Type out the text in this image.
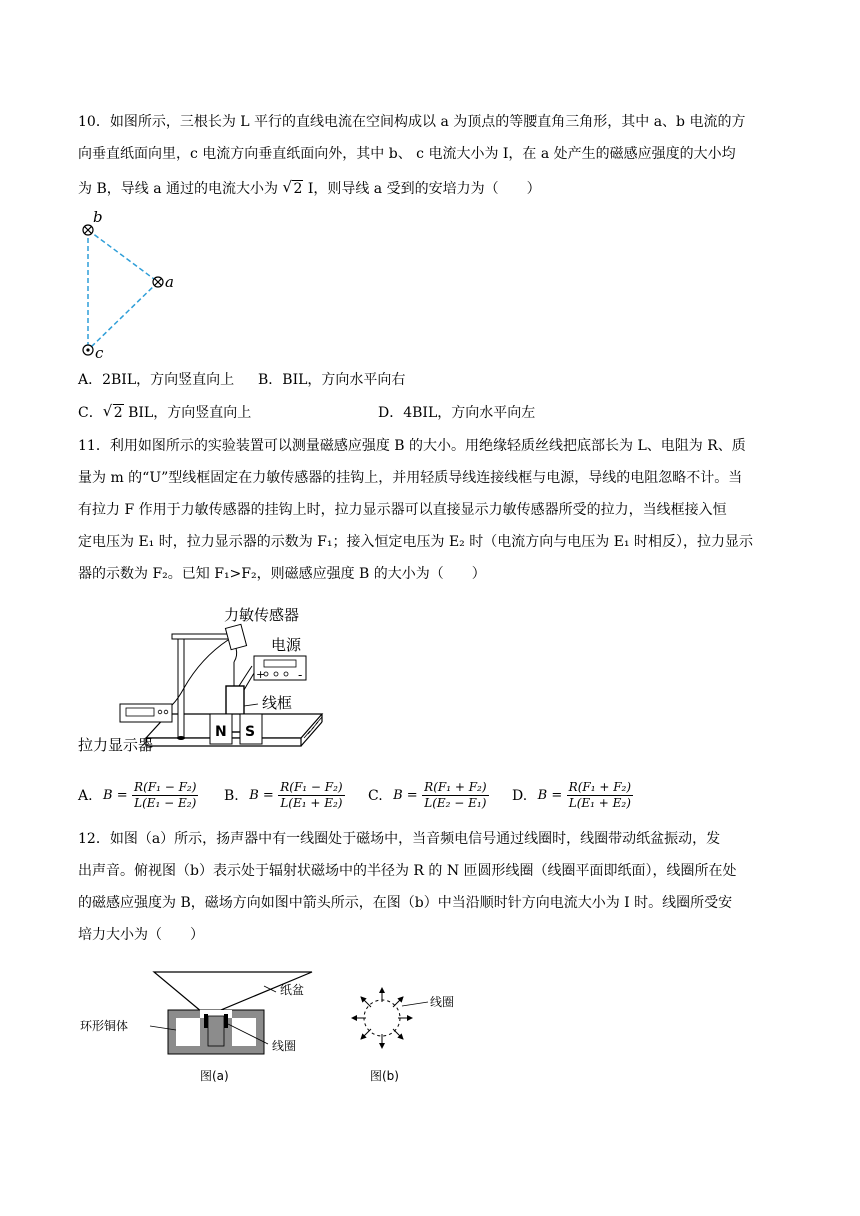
10．如图所示，三根长为 L 平行的直线电流在空间构成以 a 为顶点的等腰直角三角形，其中 a、b 电流的方
向垂直纸面向里，c 电流方向垂直纸面向外，其中 b、 c 电流大小为 I，在 a 处产生的磁感应强度的大小均
为 B，导线 a 通过的电流大小为 √ 2 I，则导线 a 受到的安培力为（　　）
b
a
c
A．2BIL，方向竖直向上 B．BIL，方向水平向右
C． √ 2 BIL，方向竖直向上	D．4BIL，方向水平向左
11．利用如图所示的实验装置可以测量磁感应强度 B 的大小。用绝缘轻质丝线把底部长为 L、电阻为 R、质
量为 m 的“U”型线框固定在力敏传感器的挂钩上，并用轻质导线连接线框与电源，导线的电阻忽略不计。当
有拉力 F 作用于力敏传感器的挂钩上时，拉力显示器可以直接显示力敏传感器所受的拉力，当线框接入恒
定电压为 E₁ 时，拉力显示器的示数为 F₁；接入恒定电压为 E₂ 时（电流方向与电压为 E₁ 时相反），拉力显示
器的示数为 F₂。已知 F₁>F₂，则磁感应强度 B 的大小为（　　）
+	-
N S
力敏传感器
电源
线框
拉力显示器
A. $B = \frac{\text{R(F₁ − F₂)}}{\text{L(E₁ − E₂)}} B$. $B = \frac{\text{R(F₁ − F₂)}}{\text{L(E₁ + E₂)}} C$. $B = \frac{\text{R(F₁ + F₂)}}{\text{L(E₂ − E₁)}} D$. $B = \frac{\text{R(F₁ + F₂)}}{\text{L(E₁ + E₂)}}$
12．如图（a）所示，扬声器中有一线圈处于磁场中，当音频电信号通过线圈时，线圈带动纸盆振动，发
出声音。俯视图（b）表示处于辐射状磁场中的半径为 R 的 N 匝圆形线圈（线圈平面即纸面），线圈所在处
的磁感应强度为 B，磁场方向如图中箭头所示，在图（b）中当沿顺时针方向电流大小为 I 时。线圈所受安
培力大小为（　　）
纸盆
环形铜体
线圈
图(a)
线圈
图(b)
